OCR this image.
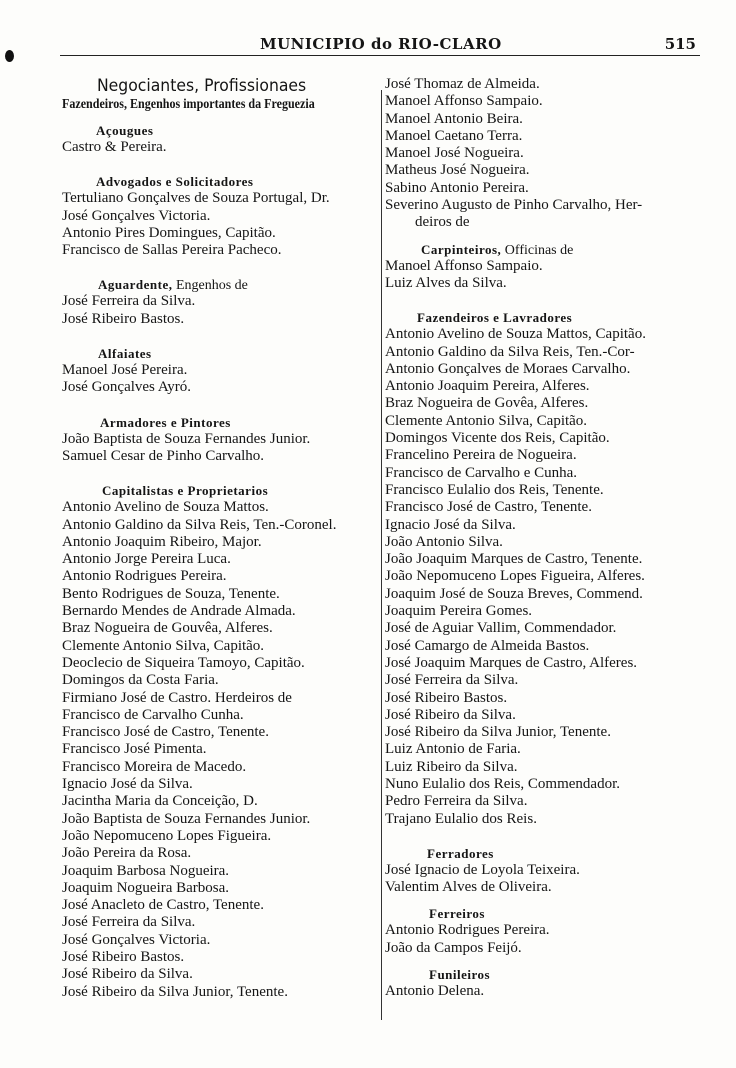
MUNICIPIO do RIO-CLARO	515
Negociantes, Profissionaes
Fazendeiros, Engenhos importantes da Freguezia
Açougues
Castro & Pereira.
Advogados e Solicitadores
Tertuliano Gonçalves de Souza Portugal, Dr.
José Gonçalves Victoria.
Antonio Pires Domingues, Capitão.
Francisco de Sallas Pereira Pacheco.
Aguardente, Engenhos de
José Ferreira da Silva.
José Ribeiro Bastos.
Alfaiates
Manoel José Pereira.
José Gonçalves Ayró.
Armadores e Pintores
João Baptista de Souza Fernandes Junior.
Samuel Cesar de Pinho Carvalho.
Capitalistas e Proprietarios
Antonio Avelino de Souza Mattos.
Antonio Galdino da Silva Reis, Ten.-Coronel.
Antonio Joaquim Ribeiro, Major.
Antonio Jorge Pereira Luca.
Antonio Rodrigues Pereira.
Bento Rodrigues de Souza, Tenente.
Bernardo Mendes de Andrade Almada.
Braz Nogueira de Gouvêa, Alferes.
Clemente Antonio Silva, Capitão.
Deoclecio de Siqueira Tamoyo, Capitão.
Domingos da Costa Faria.
Firmiano José de Castro. Herdeiros de
Francisco de Carvalho Cunha.
Francisco José de Castro, Tenente.
Francisco José Pimenta.
Francisco Moreira de Macedo.
Ignacio José da Silva.
Jacintha Maria da Conceição, D.
João Baptista de Souza Fernandes Junior.
João Nepomuceno Lopes Figueira.
João Pereira da Rosa.
Joaquim Barbosa Nogueira.
Joaquim Nogueira Barbosa.
José Anacleto de Castro, Tenente.
José Ferreira da Silva.
José Gonçalves Victoria.
José Ribeiro Bastos.
José Ribeiro da Silva.
José Ribeiro da Silva Junior, Tenente.
José Thomaz de Almeida.
Manoel Affonso Sampaio.
Manoel Antonio Beira.
Manoel Caetano Terra.
Manoel José Nogueira.
Matheus José Nogueira.
Sabino Antonio Pereira.
Severino Augusto de Pinho Carvalho, Her-
deiros de
Carpinteiros, Officinas de
Manoel Affonso Sampaio.
Luiz Alves da Silva.
Fazendeiros e Lavradores
Antonio Avelino de Souza Mattos, Capitão.
Antonio Galdino da Silva Reis, Ten.-Cor-
Antonio Gonçalves de Moraes Carvalho.
Antonio Joaquim Pereira, Alferes.
Braz Nogueira de Govêa, Alferes.
Clemente Antonio Silva, Capitão.
Domingos Vicente dos Reis, Capitão.
Francelino Pereira de Nogueira.
Francisco de Carvalho e Cunha.
Francisco Eulalio dos Reis, Tenente.
Francisco José de Castro, Tenente.
Ignacio José da Silva.
João Antonio Silva.
João Joaquim Marques de Castro, Tenente.
João Nepomuceno Lopes Figueira, Alferes.
Joaquim José de Souza Breves, Commend.
Joaquim Pereira Gomes.
José de Aguiar Vallim, Commendador.
José Camargo de Almeida Bastos.
José Joaquim Marques de Castro, Alferes.
José Ferreira da Silva.
José Ribeiro Bastos.
José Ribeiro da Silva.
José Ribeiro da Silva Junior, Tenente.
Luiz Antonio de Faria.
Luiz Ribeiro da Silva.
Nuno Eulalio dos Reis, Commendador.
Pedro Ferreira da Silva.
Trajano Eulalio dos Reis.
Ferradores
José Ignacio de Loyola Teixeira.
Valentim Alves de Oliveira.
Ferreiros
Antonio Rodrigues Pereira.
João da Campos Feijó.
Funileiros
Antonio Delena.
